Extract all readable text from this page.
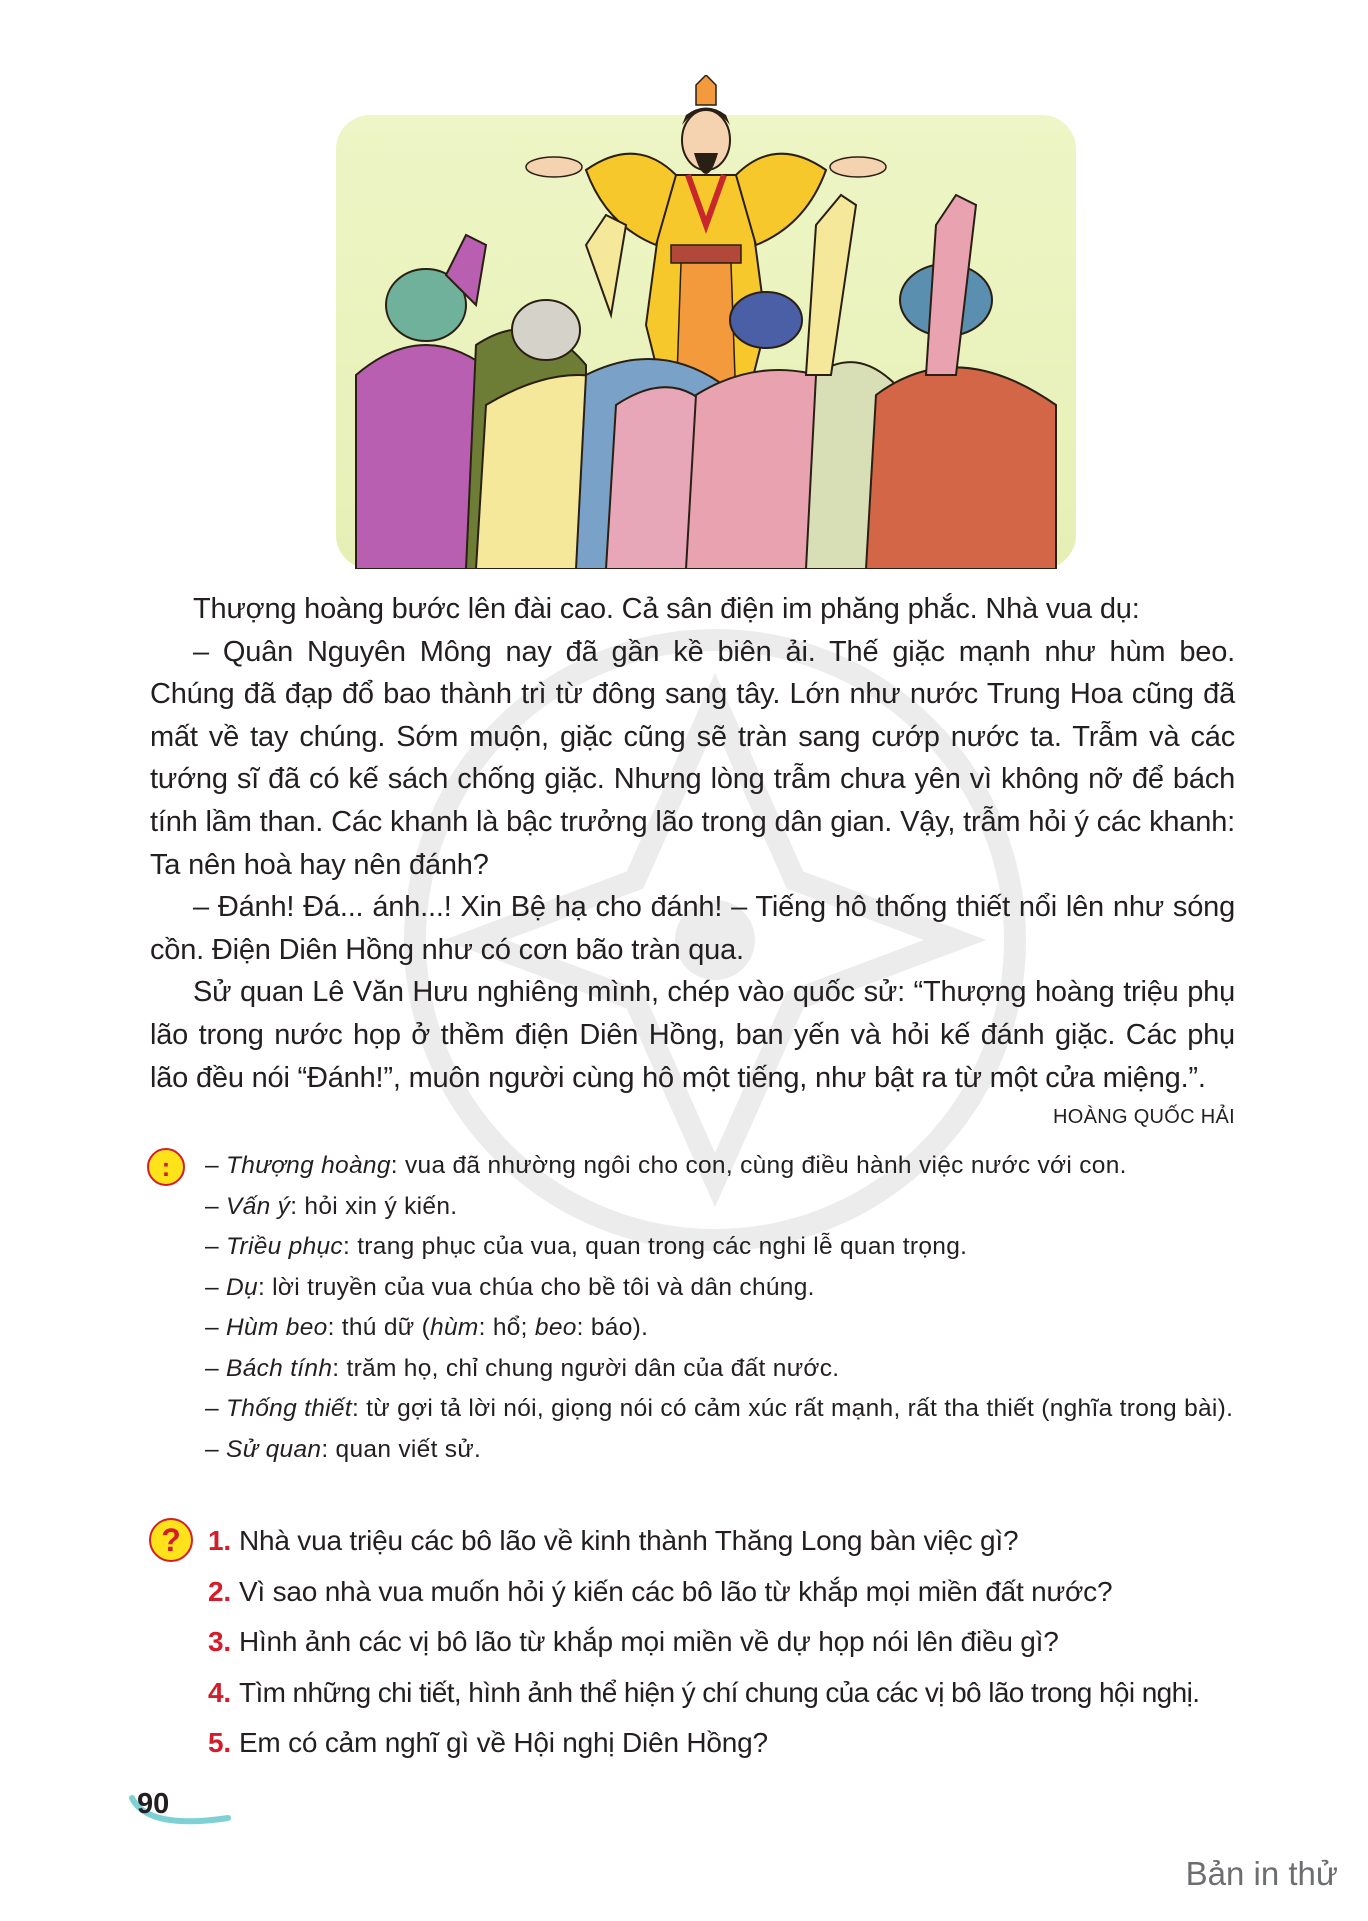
Thượng hoàng bước lên đài cao. Cả sân điện im phăng phắc. Nhà vua dụ:

– Quân Nguyên Mông nay đã gần kề biên ải. Thế giặc mạnh như hùm beo. Chúng đã đạp đổ bao thành trì từ đông sang tây. Lớn như nước Trung Hoa cũng đã mất về tay chúng. Sớm muộn, giặc cũng sẽ tràn sang cướp nước ta. Trẫm và các tướng sĩ đã có kế sách chống giặc. Nhưng lòng trẫm chưa yên vì không nỡ để bách tính lầm than. Các khanh là bậc trưởng lão trong dân gian. Vậy, trẫm hỏi ý các khanh: Ta nên hoà hay nên đánh?

– Đánh! Đá... ánh...! Xin Bệ hạ cho đánh! – Tiếng hô thống thiết nổi lên như sóng cồn. Điện Diên Hồng như có cơn bão tràn qua.

Sử quan Lê Văn Hưu nghiêng mình, chép vào quốc sử: “Thượng hoàng triệu phụ lão trong nước họp ở thềm điện Diên Hồng, ban yến và hỏi kế đánh giặc. Các phụ lão đều nói “Đánh!”, muôn người cùng hô một tiếng, như bật ra từ một cửa miệng.”.

HOÀNG QUỐC HẢI
:	– Thượng hoàng: vua đã nhường ngôi cho con, cùng điều hành việc nước với con.

– Vấn ý: hỏi xin ý kiến.

– Triều phục: trang phục của vua, quan trong các nghi lễ quan trọng.

– Dụ: lời truyền của vua chúa cho bề tôi và dân chúng.

– Hùm beo: thú dữ (hùm: hổ; beo: báo).

– Bách tính: trăm họ, chỉ chung người dân của đất nước.

– Thống thiết: từ gợi tả lời nói, giọng nói có cảm xúc rất mạnh, rất tha thiết (nghĩa trong bài).

– Sử quan: quan viết sử.

? 1. Nhà vua triệu các bô lão về kinh thành Thăng Long bàn việc gì?

2. Vì sao nhà vua muốn hỏi ý kiến các bô lão từ khắp mọi miền đất nước?

3. Hình ảnh các vị bô lão từ khắp mọi miền về dự họp nói lên điều gì?

4. Tìm những chi tiết, hình ảnh thể hiện ý chí chung của các vị bô lão trong hội nghị.

5. Em có cảm nghĩ gì về Hội nghị Diên Hồng?

90
Bản in thử
